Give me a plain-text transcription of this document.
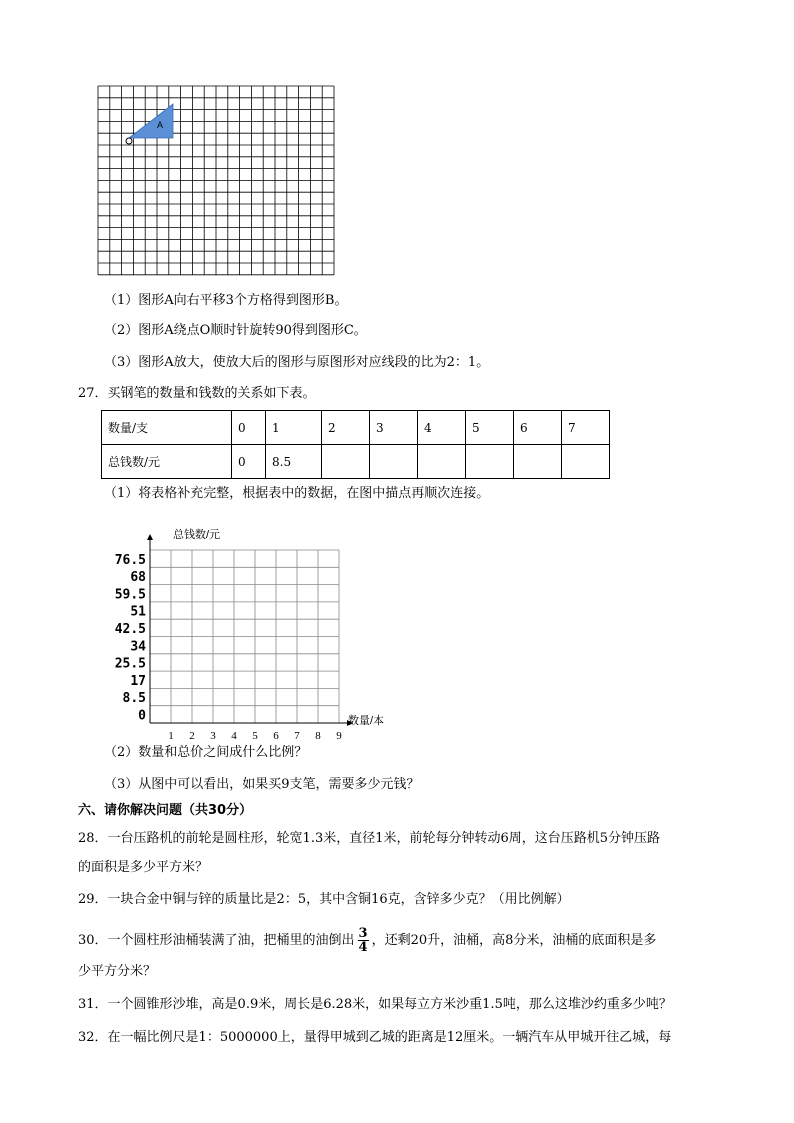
A
（1）图形A向右平移3个方格得到图形B。
（2）图形A绕点O顺时针旋转90得到图形C。
（3）图形A放大，使放大后的图形与原图形对应线段的比为2：1。
27．买钢笔的数量和钱数的关系如下表。
数量/支	0	1	2	3	4	5	6	7
总钱数/元	0	8.5						
（1）将表格补充完整，根据表中的数据，在图中描点再顺次连接。
76.5
68
59.5
51
42.5
34
25.5
17
8.5
0
1 2 3 4 5 6 7 8 9
总钱数/元
数量/本
（2）数量和总价之间成什么比例？
（3）从图中可以看出，如果买9支笔，需要多少元钱？
六、请你解决问题（共30分）
28．一台压路机的前轮是圆柱形，轮宽1.3米，直径1米，前轮每分钟转动6周，这台压路机5分钟压路
的面积是多少平方米？
29．一块合金中铜与锌的质量比是2：5，其中含铜16克，含锌多少克？（用比例解）
30．一个圆柱形油桶装满了油，把桶里的油倒出 $\frac{3}{4}$ ，还剩20升，油桶，高8分米，油桶的底面积是多
少平方分米？
31．一个圆锥形沙堆，高是0.9米，周长是6.28米，如果每立方米沙重1.5吨，那么这堆沙约重多少吨？
32．在一幅比例尺是1：5000000上，量得甲城到乙城的距离是12厘米。一辆汽车从甲城开往乙城，每
